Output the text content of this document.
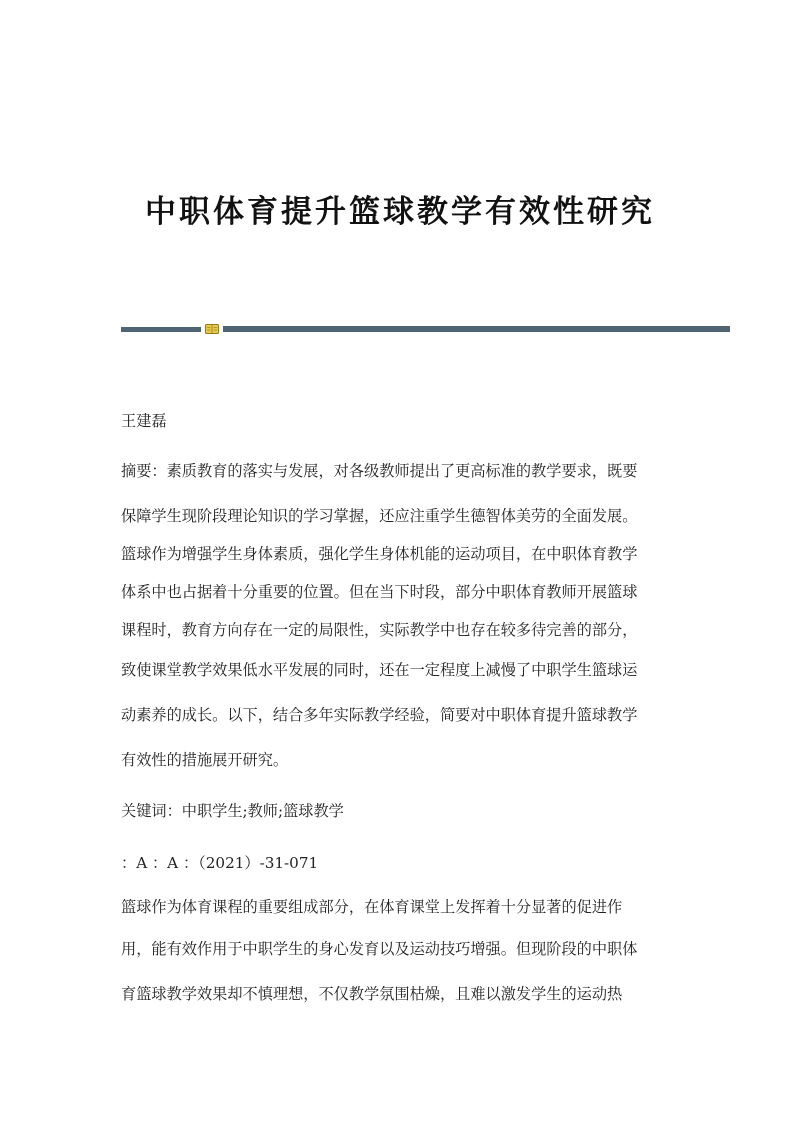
中职体育提升篮球教学有效性研究
王建磊
摘要：素质教育的落实与发展，对各级教师提出了更高标准的教学要求，既要
保障学生现阶段理论知识的学习掌握，还应注重学生德智体美劳的全面发展。
篮球作为增强学生身体素质，强化学生身体机能的运动项目，在中职体育教学
体系中也占据着十分重要的位置。但在当下时段，部分中职体育教师开展篮球
课程时，教育方向存在一定的局限性，实际教学中也存在较多待完善的部分，
致使课堂教学效果低水平发展的同时，还在一定程度上减慢了中职学生篮球运
动素养的成长。以下，结合多年实际教学经验，简要对中职体育提升篮球教学
有效性的措施展开研究。
关键词：中职学生;教师;篮球教学
：A ：A ：（2021）-31-071
篮球作为体育课程的重要组成部分，在体育课堂上发挥着十分显著的促进作
用，能有效作用于中职学生的身心发育以及运动技巧增强。但现阶段的中职体
育篮球教学效果却不慎理想，不仅教学氛围枯燥，且难以激发学生的运动热
